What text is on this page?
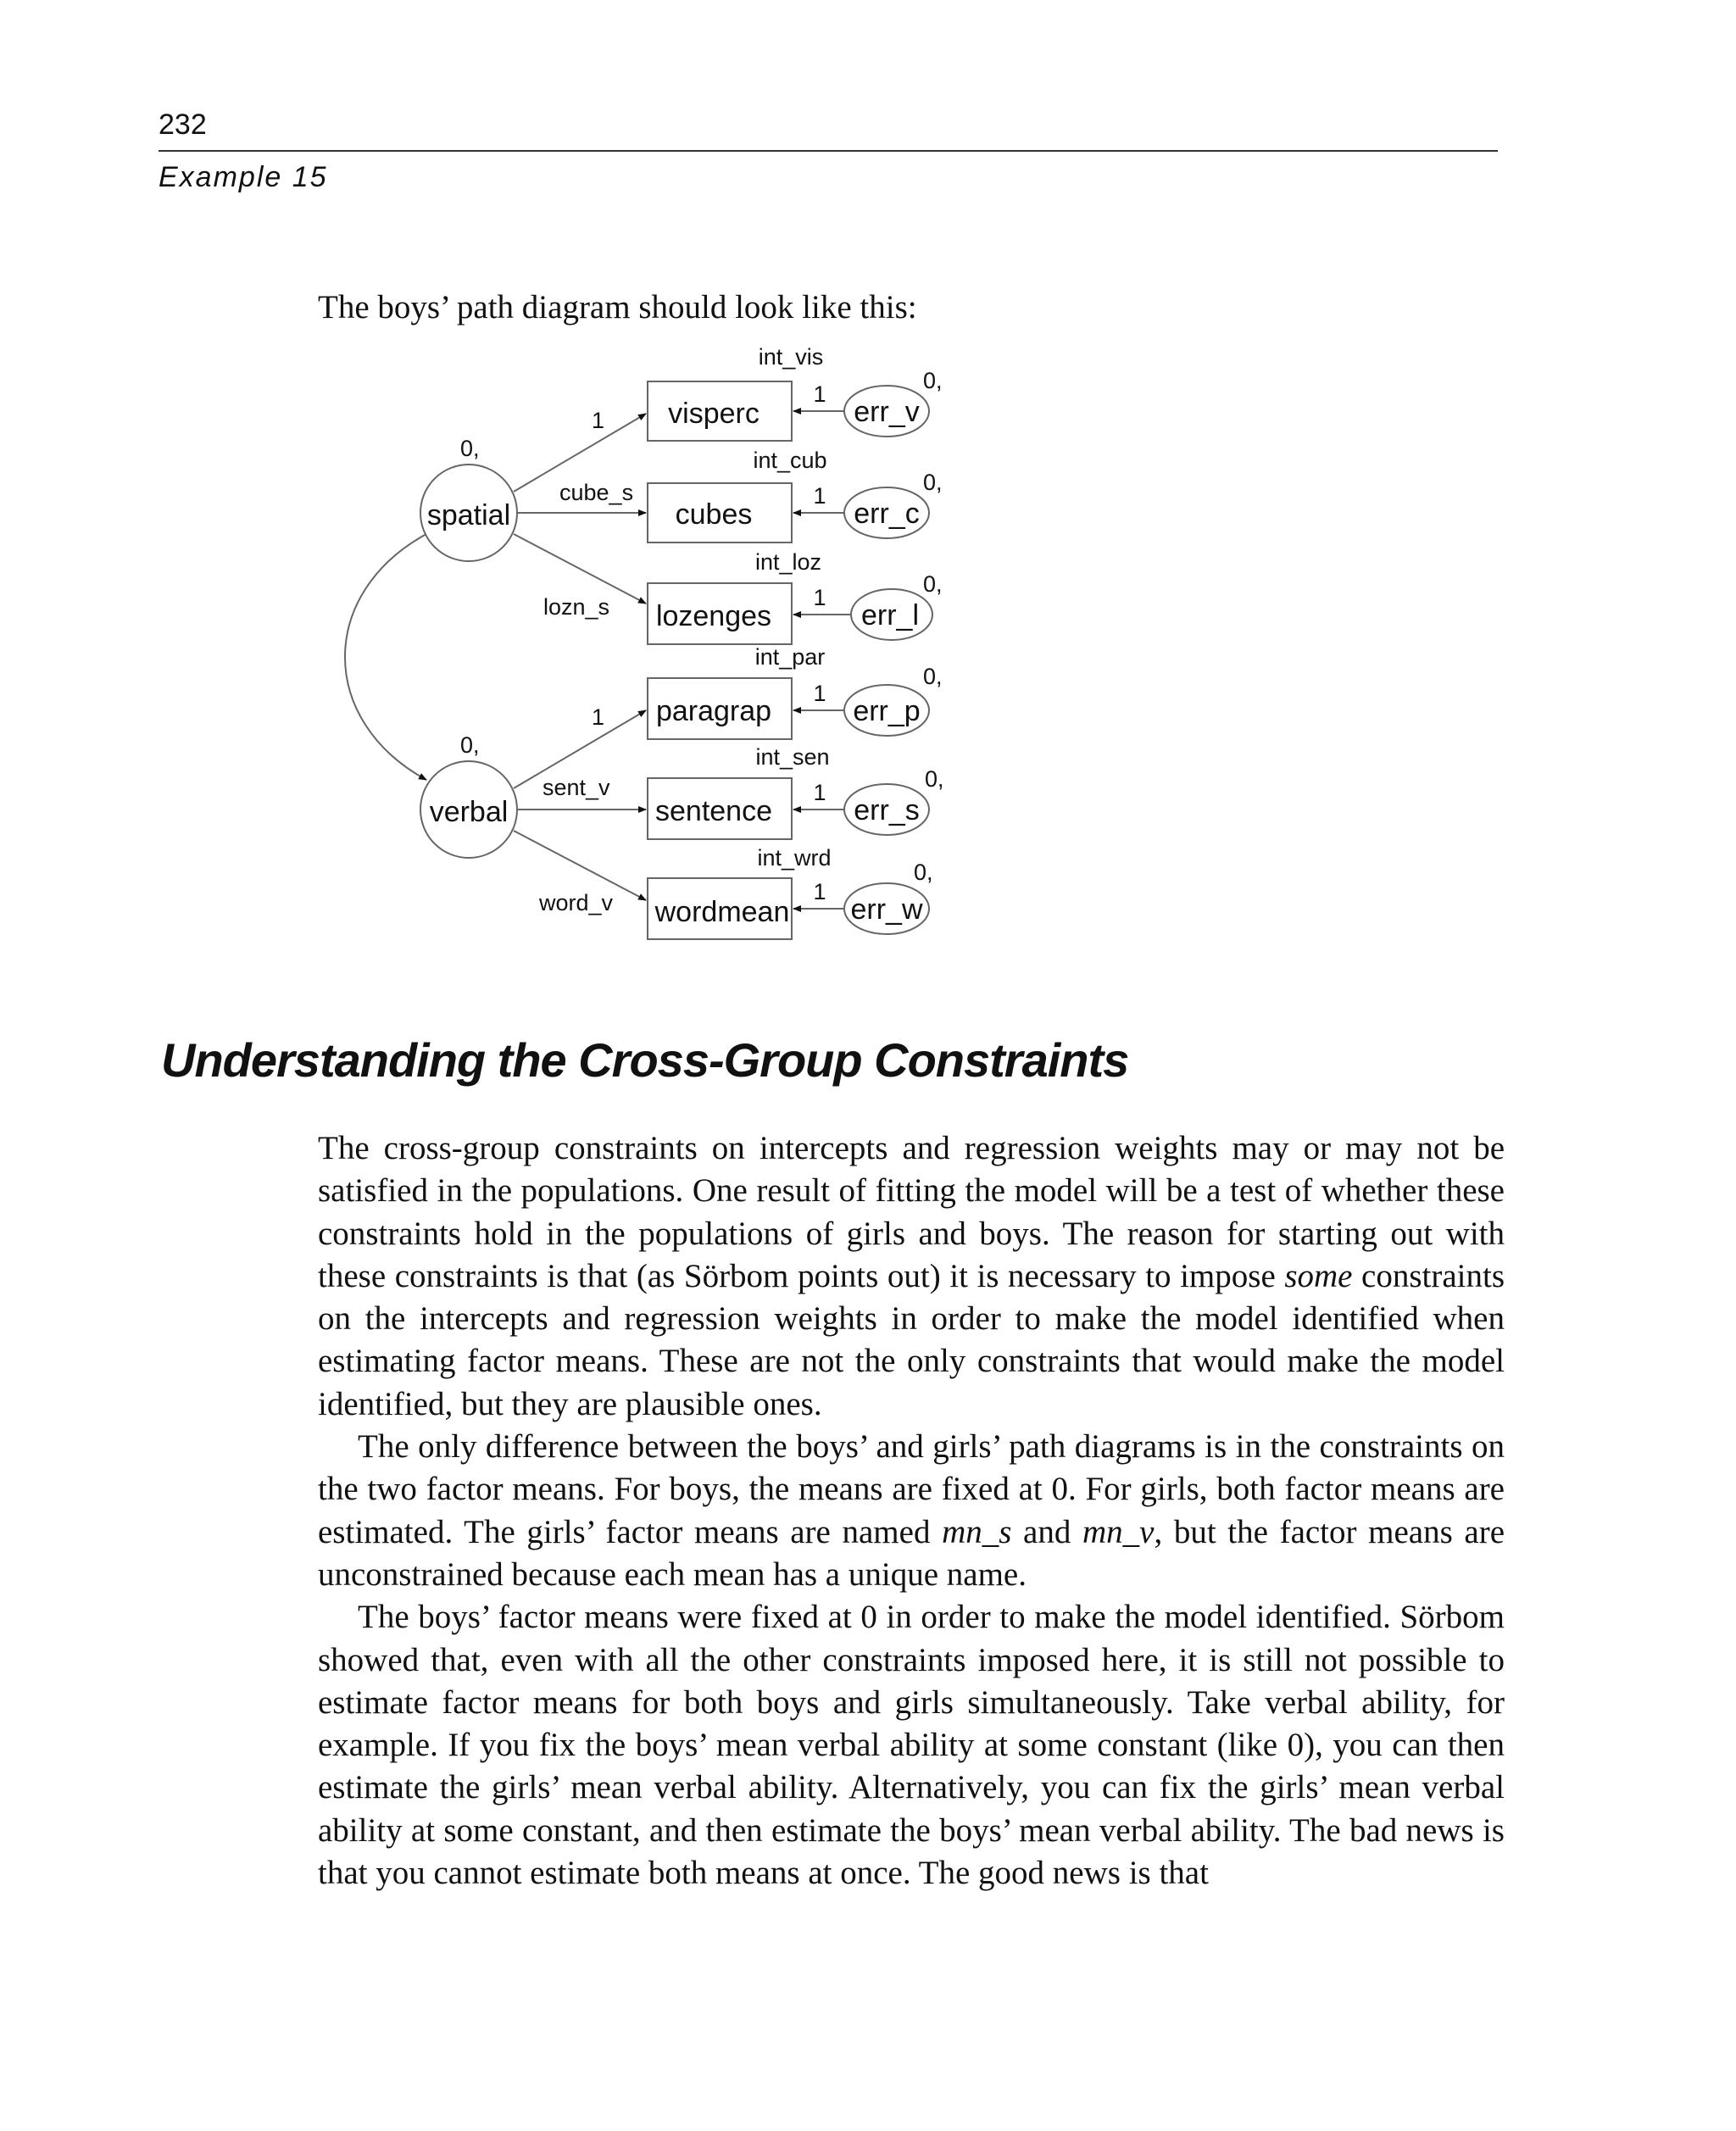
232
Example 15
The boys’ path diagram should look like this:
spatial
verbal
0,
0,
1
cube_s
lozn_s
1
sent_v
word_v
visperc
cubes
lozenges
paragrap
sentence
wordmean
int_vis
int_cub
int_loz
int_par
int_sen
int_wrd
1
1
1
1
1
1
err_v
err_c
err_l
err_p
err_s
err_w
0,
0,
0,
0,
0,
0,
Understanding the Cross-Group Constraints

The cross-group constraints on intercepts and regression weights may or may not be satisfied in the populations. One result of fitting the model will be a test of whether these constraints hold in the populations of girls and boys. The reason for starting out with these constraints is that (as Sörbom points out) it is necessary to impose some constraints on the intercepts and regression weights in order to make the model identified when estimating factor means. These are not the only constraints that would make the model identified, but they are plausible ones.

The only difference between the boys’ and girls’ path diagrams is in the constraints on the two factor means. For boys, the means are fixed at 0. For girls, both factor means are estimated. The girls’ factor means are named mn_s and mn_v, but the factor means are unconstrained because each mean has a unique name.

The boys’ factor means were fixed at 0 in order to make the model identified. Sörbom showed that, even with all the other constraints imposed here, it is still not possible to estimate factor means for both boys and girls simultaneously. Take verbal ability, for example. If you fix the boys’ mean verbal ability at some constant (like 0), you can then estimate the girls’ mean verbal ability. Alternatively, you can fix the girls’ mean verbal ability at some constant, and then estimate the boys’ mean verbal ability. The bad news is that you cannot estimate both means at once. The good news is that
